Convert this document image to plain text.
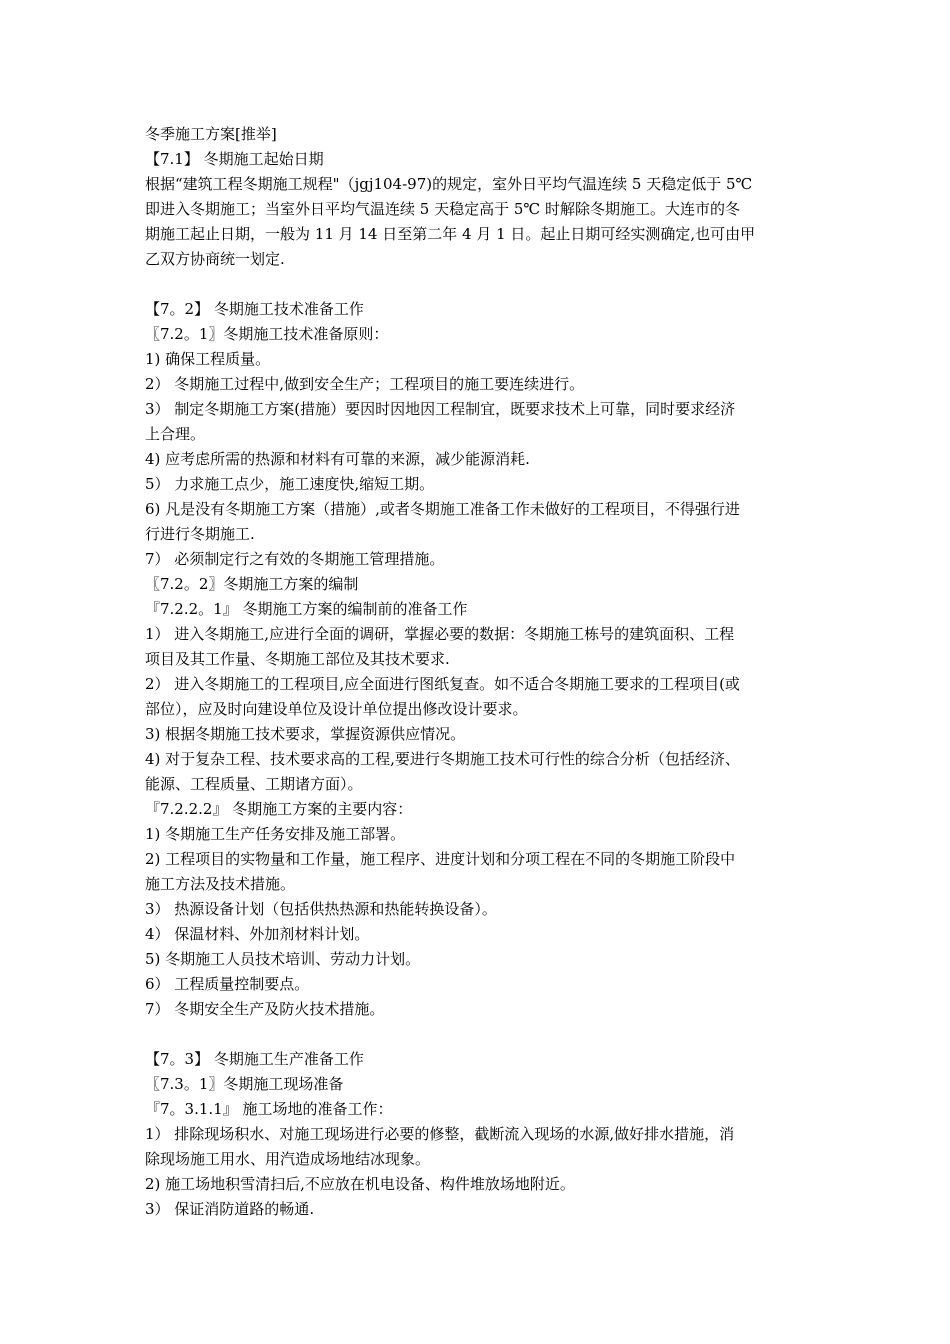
冬季施工方案[推举]
【7.1】 冬期施工起始日期
根据“建筑工程冬期施工规程"（jgj104-97)的规定，室外日平均气温连续 5 天稳定低于 5℃
即进入冬期施工；当室外日平均气温连续 5 天稳定高于 5℃ 时解除冬期施工。大连市的冬
期施工起止日期，一般为 11 月 14 日至第二年 4 月 1 日。起止日期可经实测确定,也可由甲
乙双方协商统一划定.
【7。2】 冬期施工技术准备工作
〖7.2。1〗冬期施工技术准备原则：
1) 确保工程质量。
2） 冬期施工过程中,做到安全生产；工程项目的施工要连续进行。
3） 制定冬期施工方案(措施）要因时因地因工程制宜，既要求技术上可靠，同时要求经济
上合理。
4) 应考虑所需的热源和材料有可靠的来源，减少能源消耗.
5） 力求施工点少，施工速度快,缩短工期。
6) 凡是没有冬期施工方案（措施）,或者冬期施工准备工作未做好的工程项目，不得强行进
行进行冬期施工.
7） 必须制定行之有效的冬期施工管理措施。
〖7.2。2〗冬期施工方案的编制
『7.2.2。1』 冬期施工方案的编制前的准备工作
1） 进入冬期施工,应进行全面的调研，掌握必要的数据：冬期施工栋号的建筑面积、工程
项目及其工作量、冬期施工部位及其技术要求.
2） 进入冬期施工的工程项目,应全面进行图纸复查。如不适合冬期施工要求的工程项目(或
部位），应及时向建设单位及设计单位提出修改设计要求。
3) 根据冬期施工技术要求，掌握资源供应情况。
4) 对于复杂工程、技术要求高的工程,要进行冬期施工技术可行性的综合分析（包括经济、
能源、工程质量、工期诸方面）。
『7.2.2.2』 冬期施工方案的主要内容：
1) 冬期施工生产任务安排及施工部署。
2) 工程项目的实物量和工作量，施工程序、进度计划和分项工程在不同的冬期施工阶段中
施工方法及技术措施。
3） 热源设备计划（包括供热热源和热能转换设备）。
4） 保温材料、外加剂材料计划。
5) 冬期施工人员技术培训、劳动力计划。
6） 工程质量控制要点。
7） 冬期安全生产及防火技术措施。
【7。3】 冬期施工生产准备工作
〖7.3。1〗冬期施工现场准备
『7。3.1.1』 施工场地的准备工作：
1） 排除现场积水、对施工现场进行必要的修整，截断流入现场的水源,做好排水措施，消
除现场施工用水、用汽造成场地结冰现象。
2) 施工场地积雪清扫后,不应放在机电设备、构件堆放场地附近。
3） 保证消防道路的畅通.
